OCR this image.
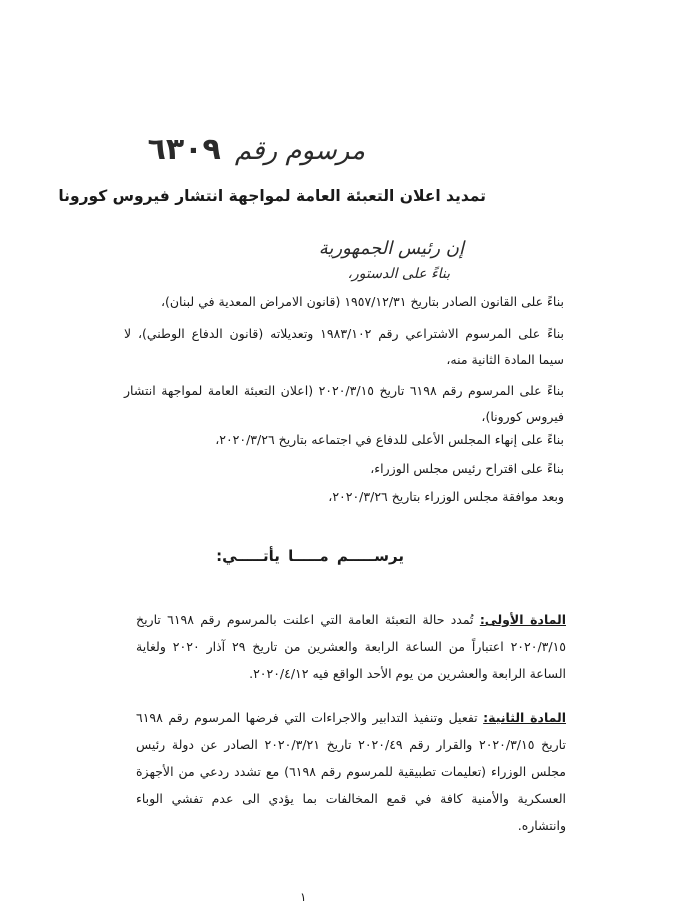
مرسوم رقم٦٣٠٩
تمديد اعلان التعبئة العامة لمواجهة انتشار فيروس كورونا
إن رئيس الجمهورية
بناءً على الدستور،
بناءً على القانون الصادر بتاريخ ١٩٥٧/١٢/٣١ (قانون الامراض المعدية في لبنان)،
بناءً على المرسوم الاشتراعي رقم ١٩٨٣/١٠٢ وتعديلاته (قانون الدفاع الوطني)، لا سيما المادة الثانية منه،
بناءً على المرسوم رقم ٦١٩٨ تاريخ ٢٠٢٠/٣/١٥ (اعلان التعبئة العامة لمواجهة انتشار فيروس كورونا)،
بناءً على إنهاء المجلس الأعلى للدفاع في اجتماعه بتاريخ ٢٠٢٠/٣/٢٦،
بناءً على اقتراح رئيس مجلس الوزراء،
وبعد موافقة مجلس الوزراء بتاريخ ٢٠٢٠/٣/٢٦،
يرســـــم مـــــا يأتـــــي:
المادة الأولى: تُمدد حالة التعبئة العامة التي اعلنت بالمرسوم رقم ٦١٩٨ تاريخ ٢٠٢٠/٣/١٥ اعتباراً من الساعة الرابعة والعشرين من تاريخ ٢٩ آذار ٢٠٢٠ ولغاية الساعة الرابعة والعشرين من يوم الأحد الواقع فيه ٢٠٢٠/٤/١٢.
المادة الثانية: تفعيل وتنفيذ التدابير والاجراءات التي فرضها المرسوم رقم ٦١٩٨ تاريخ ٢٠٢٠/٣/١٥ والقرار رقم ٢٠٢٠/٤٩ تاريخ ٢٠٢٠/٣/٢١ الصادر عن دولة رئيس مجلس الوزراء (تعليمات تطبيقية للمرسوم رقم ٦١٩٨) مع تشدد ردعي من الأجهزة العسكرية والأمنية كافة في قمع المخالفات بما يؤدي الى عدم تفشي الوباء وانتشاره.
١
